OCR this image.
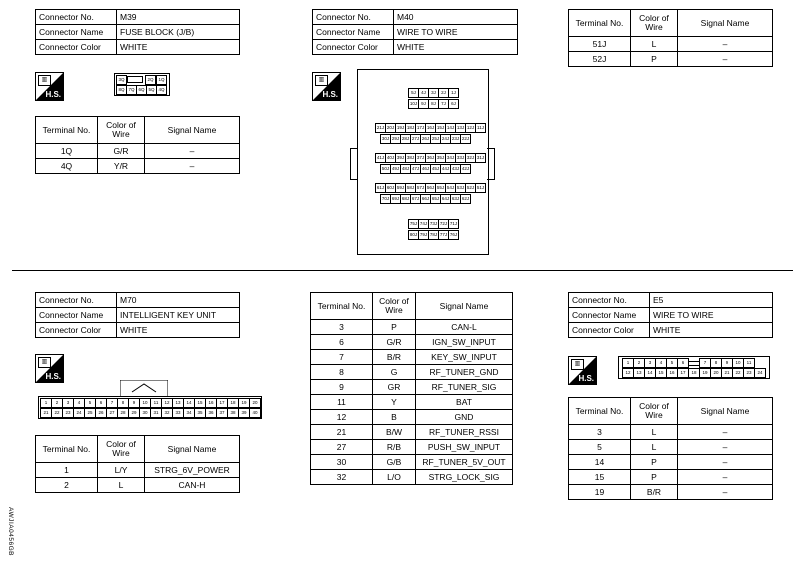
Connector No.	M39
Connector Name	FUSE BLOCK (J/B)
Connector Color	WHITE
▥
H.S.
3Q	2Q	1Q
8Q 7Q 6Q 5Q 4Q
Terminal No.	Color of
Wire	Signal Name
1Q	G/R	–
4Q	Y/R	–
Connector No.	M40
Connector Name	WIRE TO WIRE
Connector Color	WHITE
▥
H.S.	5J	4J	3J	2J	1J
10J 9J	8J	7J	6J
21J 20J 19J 18J 17J 16J 15J 14J 13J 12J 11J
30J 29J 28J 27J 26J 25J 24J 23J 22J
41J 40J 39J 38J 37J 36J 35J 34J 33J 32J 31J
50J 49J 48J 47J 46J 45J 44J 43J 42J
61J 60J 59J 58J 57J 56J 55J 54J 53J 52J 51J
70J 69J 68J 67J 66J 65J 64J 63J 62J
75J 74J 73J 72J 71J
80J 79J 78J 77J 76J
Terminal No.	Color of
Wire	Signal Name
51J	L	–
52J	P	–
Connector No.	M70
Connector Name	INTELLIGENT KEY UNIT
Connector Color	WHITE
▥
H.S.
1	2	3	4	5	6	7	8	9	10	11	12	13	14	15	16	17	18	19	20
21	22	23	24	25	26	27	28	29	30	31	32	33	34	35	36	37	38	39	40
Terminal No.	Color of
Wire	Signal Name
1	L/Y	STRG_6V_POWER
2	L	CAN-H
Terminal No.	Color of
Wire	Signal Name
3	P	CAN-L
6	G/R	IGN_SW_INPUT
7	B/R	KEY_SW_INPUT
8	G	RF_TUNER_GND
9	GR	RF_TUNER_SIG
11	Y	BAT
12	B	GND
21	B/W	RF_TUNER_RSSI
27	R/B	PUSH_SW_INPUT
30	G/B	RF_TUNER_5V_OUT
32	L/O	STRG_LOCK_SIG
Connector No.	E5
Connector Name	WIRE TO WIRE
Connector Color	WHITE
▥
H.S.
1	2	3	4	5	6	7	8	9	10	11
12	13	14	15	16	17	18	19	20	21	22	23	24
Terminal No.	Color of
Wire	Signal Name
3	L	–
5	L	–
14	P	–
15	P	–
19	B/R	–
AWJIA0456GB
